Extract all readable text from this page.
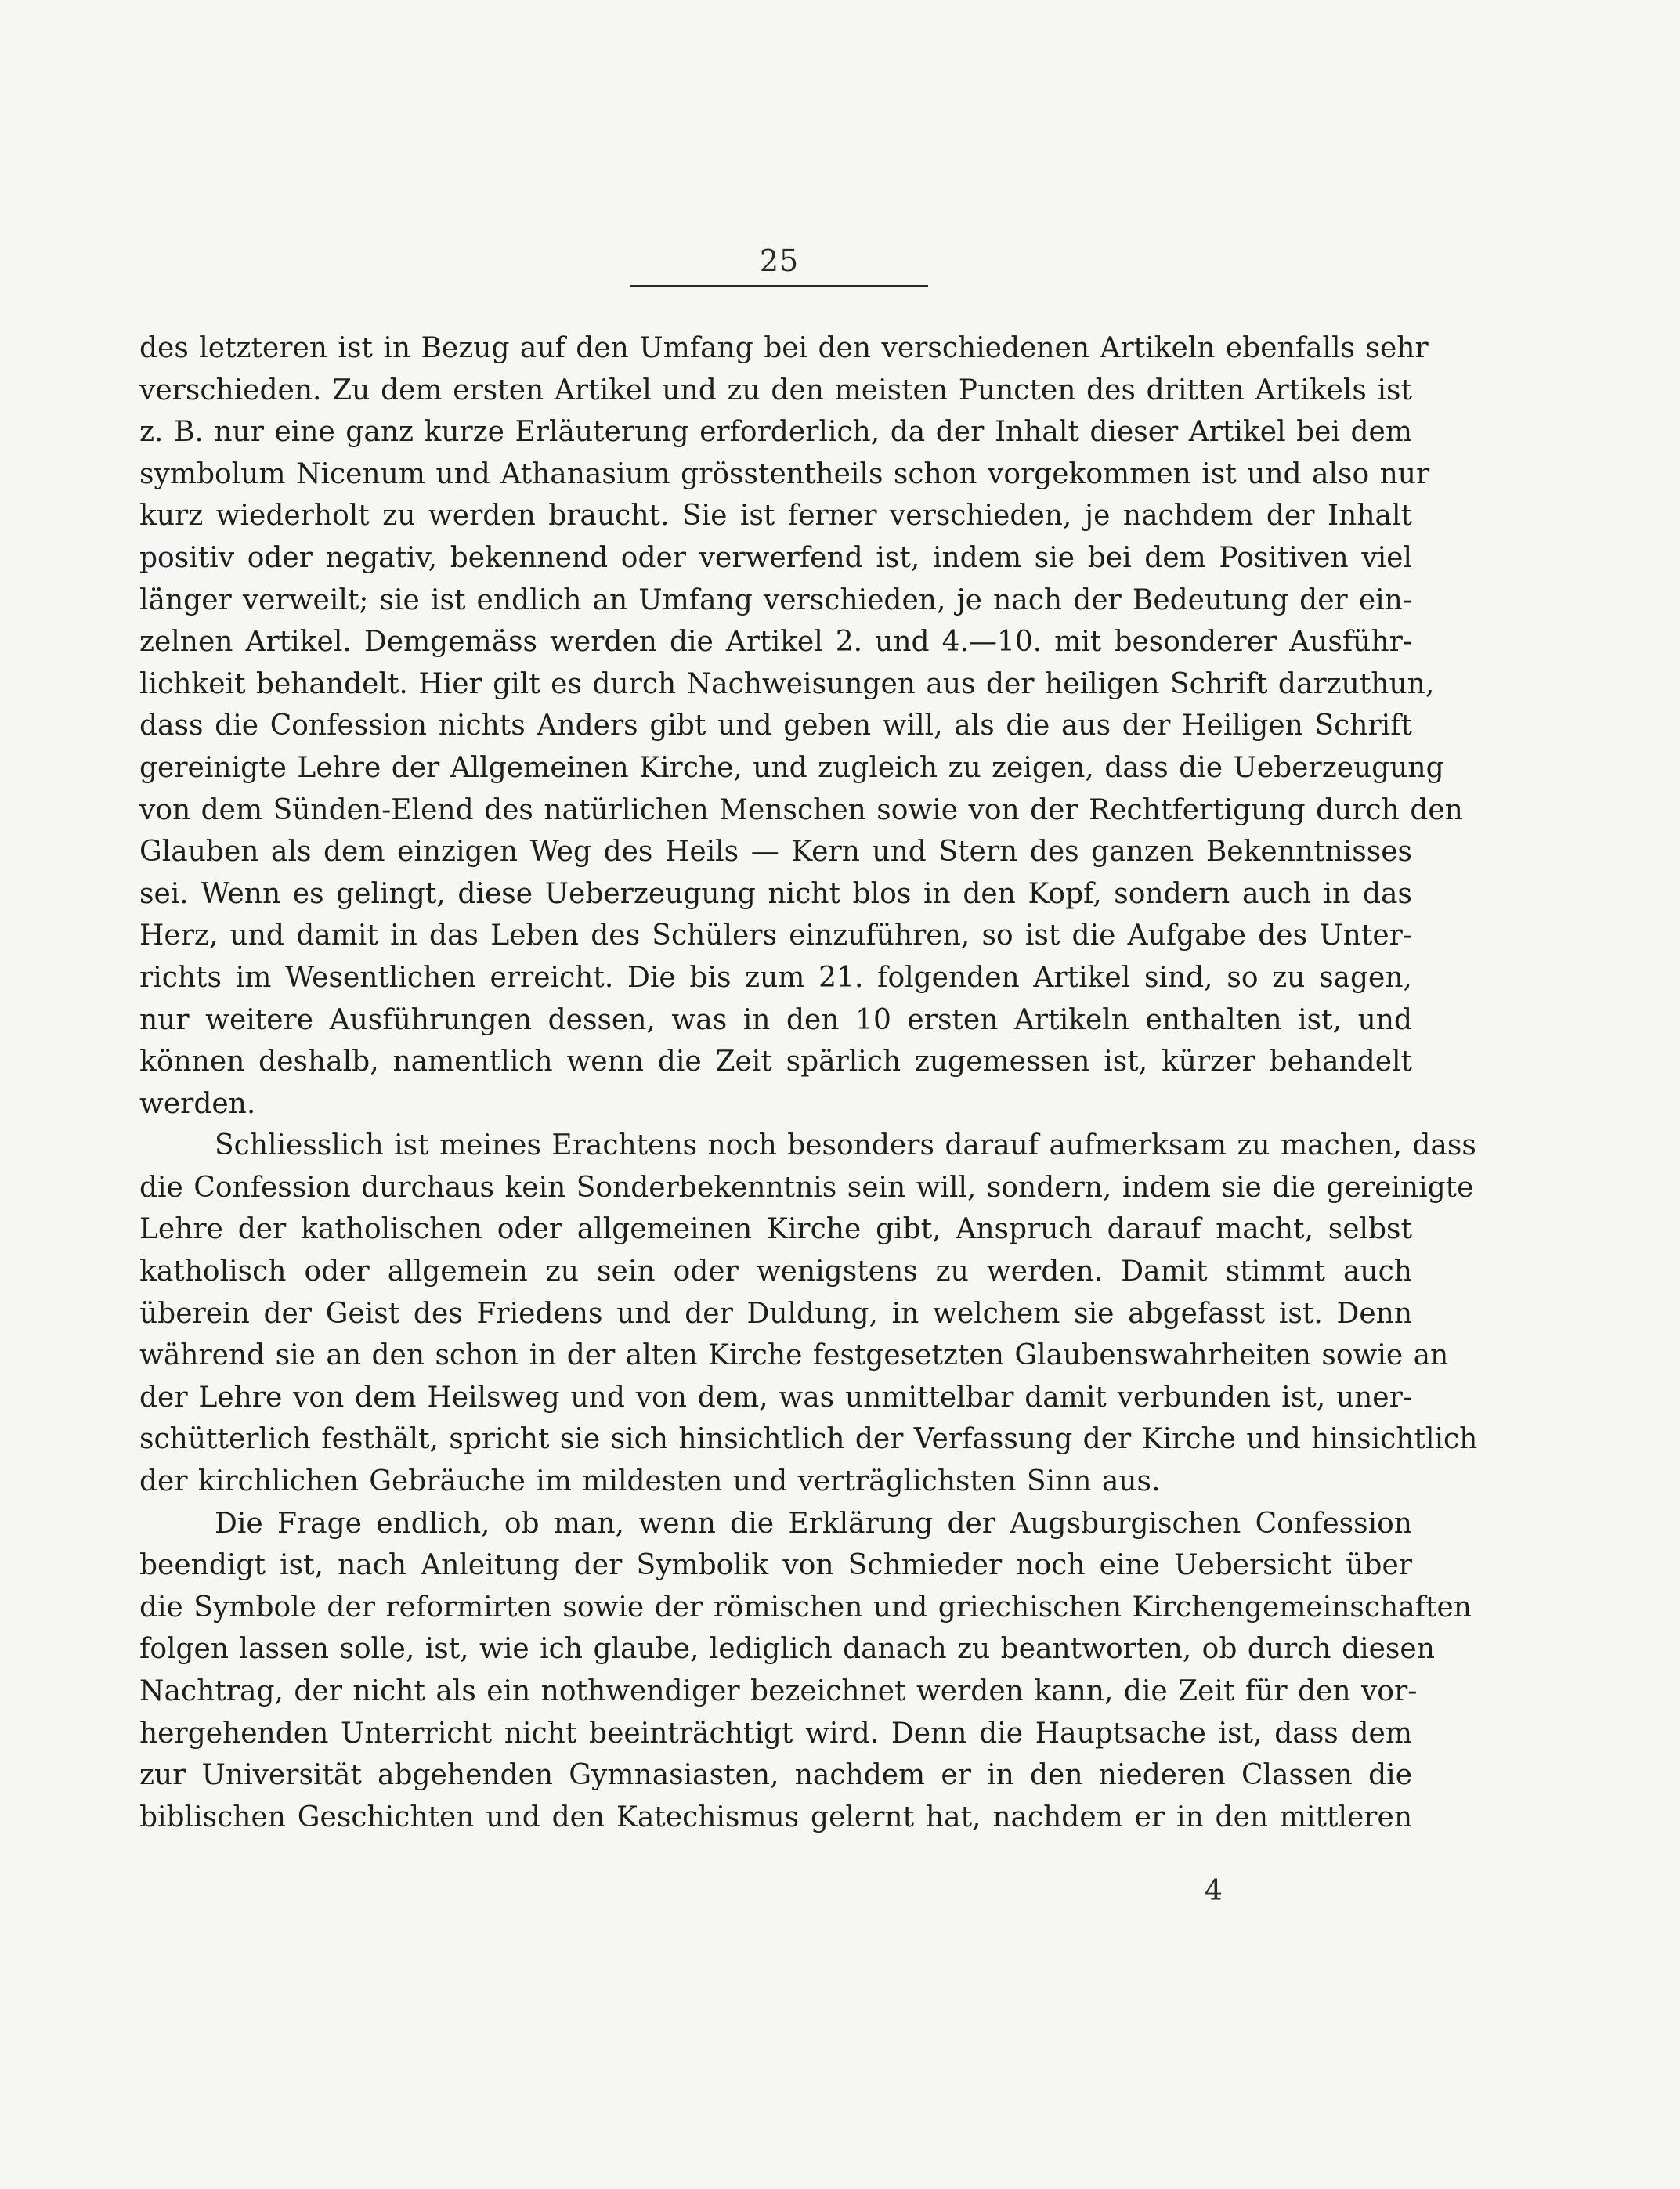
25
des letzteren ist in Bezug auf den Umfang bei den verschiedenen Artikeln ebenfalls sehr
verschieden. Zu dem ersten Artikel und zu den meisten Puncten des dritten Artikels ist
z. B. nur eine ganz kurze Erläuterung erforderlich, da der Inhalt dieser Artikel bei dem
symbolum Nicenum und Athanasium grösstentheils schon vorgekommen ist und also nur
kurz wiederholt zu werden braucht. Sie ist ferner verschieden, je nachdem der Inhalt
positiv oder negativ, bekennend oder verwerfend ist, indem sie bei dem Positiven viel
länger verweilt; sie ist endlich an Umfang verschieden, je nach der Bedeutung der ein-
zelnen Artikel. Demgemäss werden die Artikel 2. und 4.—10. mit besonderer Ausführ-
lichkeit behandelt. Hier gilt es durch Nachweisungen aus der heiligen Schrift darzuthun,
dass die Confession nichts Anders gibt und geben will, als die aus der Heiligen Schrift
gereinigte Lehre der Allgemeinen Kirche, und zugleich zu zeigen, dass die Ueberzeugung
von dem Sünden-Elend des natürlichen Menschen sowie von der Rechtfertigung durch den
Glauben als dem einzigen Weg des Heils — Kern und Stern des ganzen Bekenntnisses
sei. Wenn es gelingt, diese Ueberzeugung nicht blos in den Kopf, sondern auch in das
Herz, und damit in das Leben des Schülers einzuführen, so ist die Aufgabe des Unter-
richts im Wesentlichen erreicht. Die bis zum 21. folgenden Artikel sind, so zu sagen,
nur weitere Ausführungen dessen, was in den 10 ersten Artikeln enthalten ist, und
können deshalb, namentlich wenn die Zeit spärlich zugemessen ist, kürzer behandelt
werden.
Schliesslich ist meines Erachtens noch besonders darauf aufmerksam zu machen, dass
die Confession durchaus kein Sonderbekenntnis sein will, sondern, indem sie die gereinigte
Lehre der katholischen oder allgemeinen Kirche gibt, Anspruch darauf macht, selbst
katholisch oder allgemein zu sein oder wenigstens zu werden. Damit stimmt auch
überein der Geist des Friedens und der Duldung, in welchem sie abgefasst ist. Denn
während sie an den schon in der alten Kirche festgesetzten Glaubenswahrheiten sowie an
der Lehre von dem Heilsweg und von dem, was unmittelbar damit verbunden ist, uner-
schütterlich festhält, spricht sie sich hinsichtlich der Verfassung der Kirche und hinsichtlich
der kirchlichen Gebräuche im mildesten und verträglichsten Sinn aus.
Die Frage endlich, ob man, wenn die Erklärung der Augsburgischen Confession
beendigt ist, nach Anleitung der Symbolik von Schmieder noch eine Uebersicht über
die Symbole der reformirten sowie der römischen und griechischen Kirchengemeinschaften
folgen lassen solle, ist, wie ich glaube, lediglich danach zu beantworten, ob durch diesen
Nachtrag, der nicht als ein nothwendiger bezeichnet werden kann, die Zeit für den vor-
hergehenden Unterricht nicht beeinträchtigt wird. Denn die Hauptsache ist, dass dem
zur Universität abgehenden Gymnasiasten, nachdem er in den niederen Classen die
biblischen Geschichten und den Katechismus gelernt hat, nachdem er in den mittleren
4
